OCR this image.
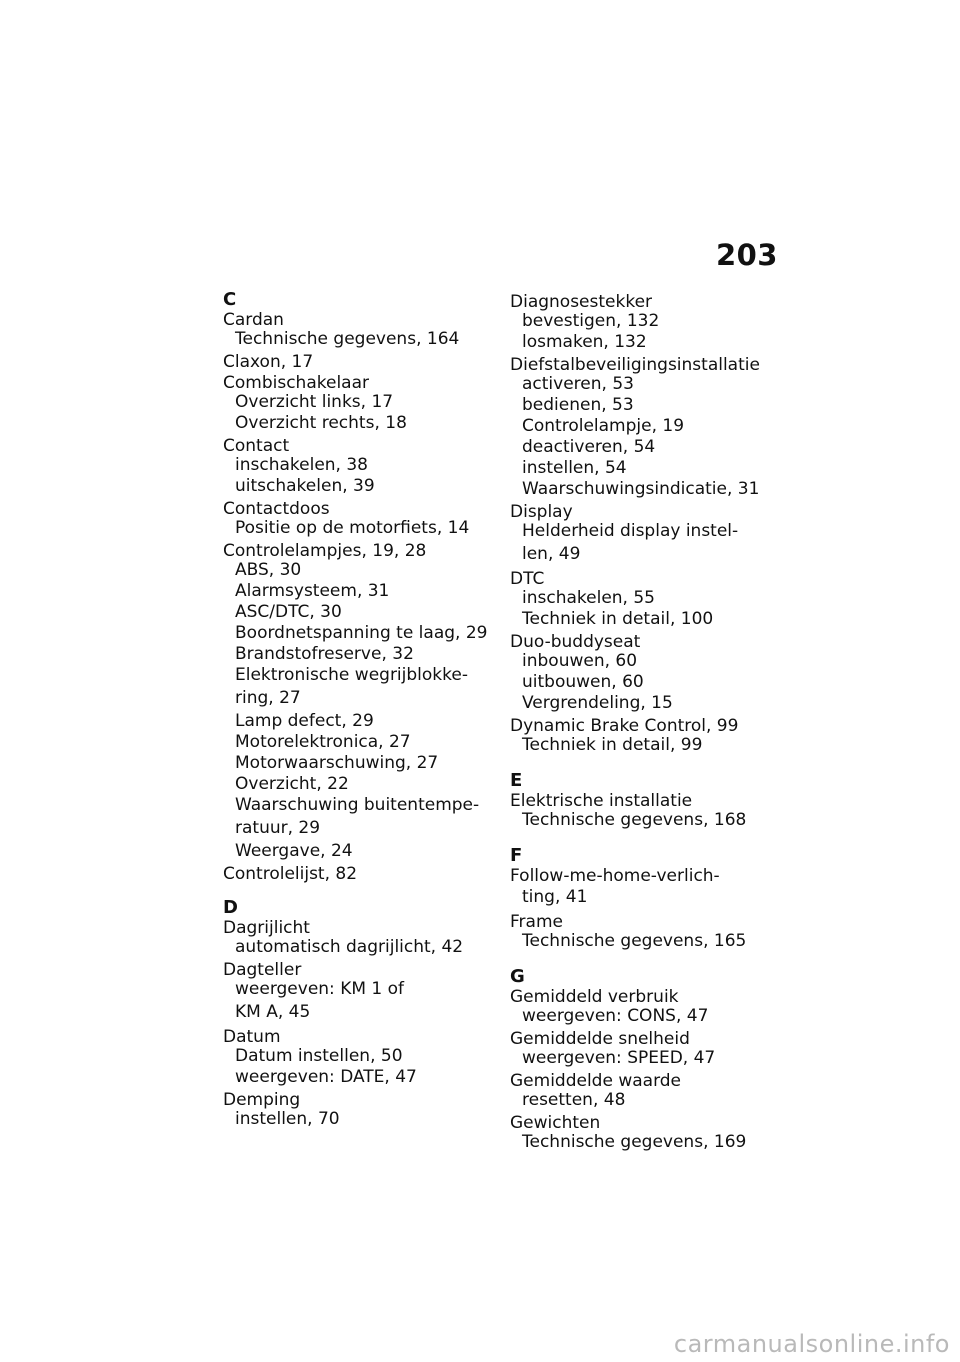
203
C
Cardan
Technische gegevens, 164
Claxon, 17
Combischakelaar
Overzicht links, 17
Overzicht rechts, 18
Contact
inschakelen, 38
uitschakelen, 39
Contactdoos
Positie op de motorfiets, 14
Controlelampjes, 19, 28
ABS, 30
Alarmsysteem, 31
ASC/DTC, 30
Boordnetspanning te laag, 29
Brandstofreserve, 32
Elektronische wegrijblokke-
ring, 27
Lamp defect, 29
Motorelektronica, 27
Motorwaarschuwing, 27
Overzicht, 22
Waarschuwing buitentempe-
ratuur, 29
Weergave, 24
Controlelijst, 82
D
Dagrijlicht
automatisch dagrijlicht, 42
Dagteller
weergeven: KM 1 of
KM A, 45
Datum
Datum instellen, 50
weergeven: DATE, 47
Demping
instellen, 70
Diagnosestekker
bevestigen, 132
losmaken, 132
Diefstalbeveiligingsinstallatie
activeren, 53
bedienen, 53
Controlelampje, 19
deactiveren, 54
instellen, 54
Waarschuwingsindicatie, 31
Display
Helderheid display instel-
len, 49
DTC
inschakelen, 55
Techniek in detail, 100
Duo-buddyseat
inbouwen, 60
uitbouwen, 60
Vergrendeling, 15
Dynamic Brake Control, 99
Techniek in detail, 99
E
Elektrische installatie
Technische gegevens, 168
F
Follow-me-home-verlich-
ting, 41
Frame
Technische gegevens, 165
G
Gemiddeld verbruik
weergeven: CONS, 47
Gemiddelde snelheid
weergeven: SPEED, 47
Gemiddelde waarde
resetten, 48
Gewichten
Technische gegevens, 169
carmanualsonline.info
